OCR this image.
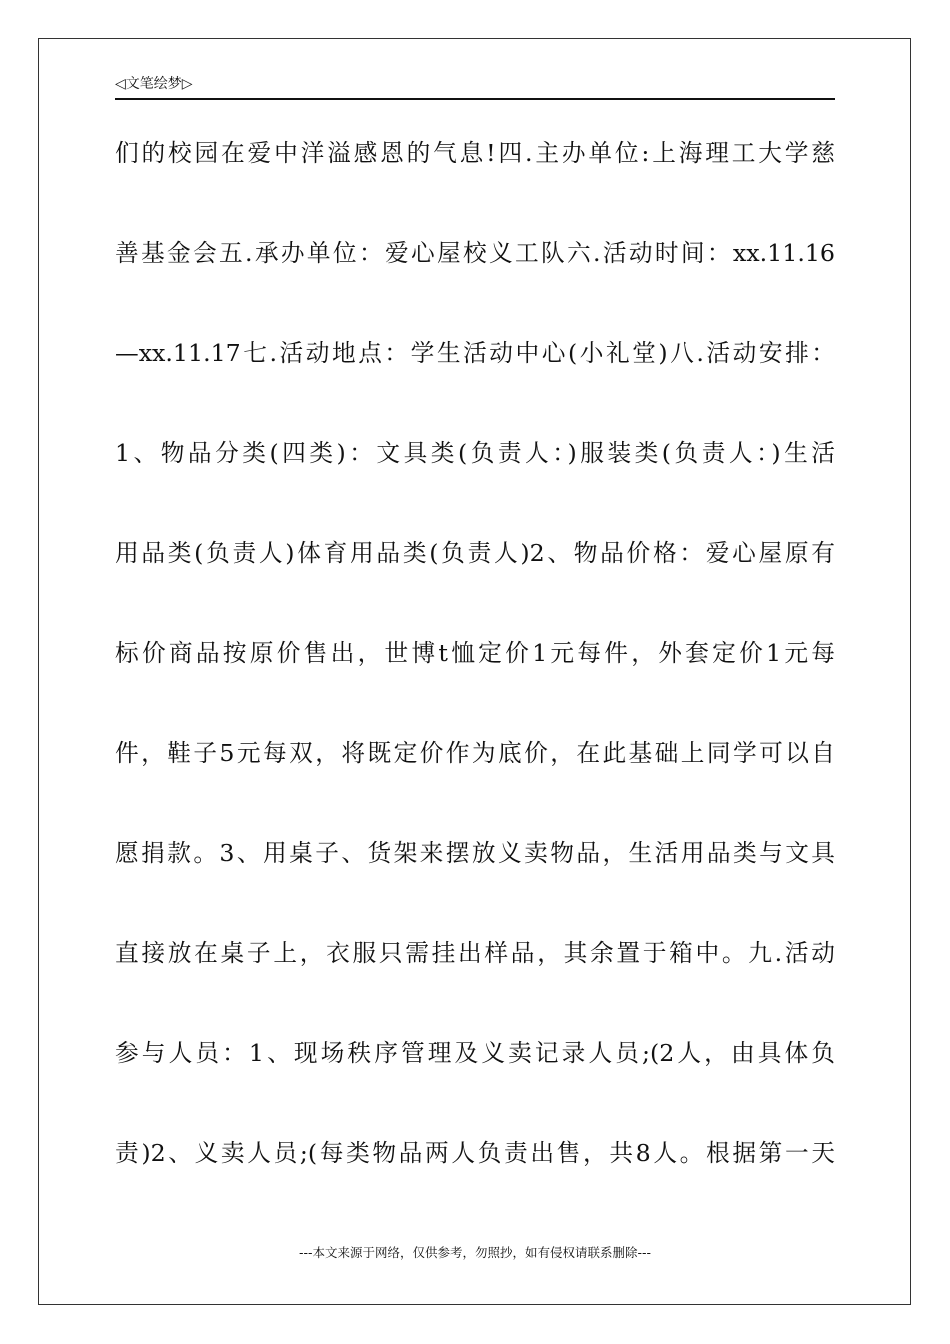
◁文笔绘梦▷
们的校园在爱中洋溢感恩的气息!四.主办单位:上海理工大学慈
善基金会五.承办单位：爱心屋校义工队六.活动时间：xx.11.16
—xx.11.17七.活动地点：学生活动中心(小礼堂)八.活动安排：
1、物品分类(四类)：文具类(负责人：)服装类(负责人：)生活
用品类(负责人)体育用品类(负责人)2、物品价格：爱心屋原有
标价商品按原价售出，世博t恤定价1元每件，外套定价1元每
件，鞋子5元每双，将既定价作为底价，在此基础上同学可以自
愿捐款。3、用桌子、货架来摆放义卖物品，生活用品类与文具
直接放在桌子上，衣服只需挂出样品，其余置于箱中。九.活动
参与人员：1、现场秩序管理及义卖记录人员;(2人，由具体负
责)2、义卖人员;(每类物品两人负责出售，共8人。根据第一天
---本文来源于网络，仅供参考，勿照抄，如有侵权请联系删除---
